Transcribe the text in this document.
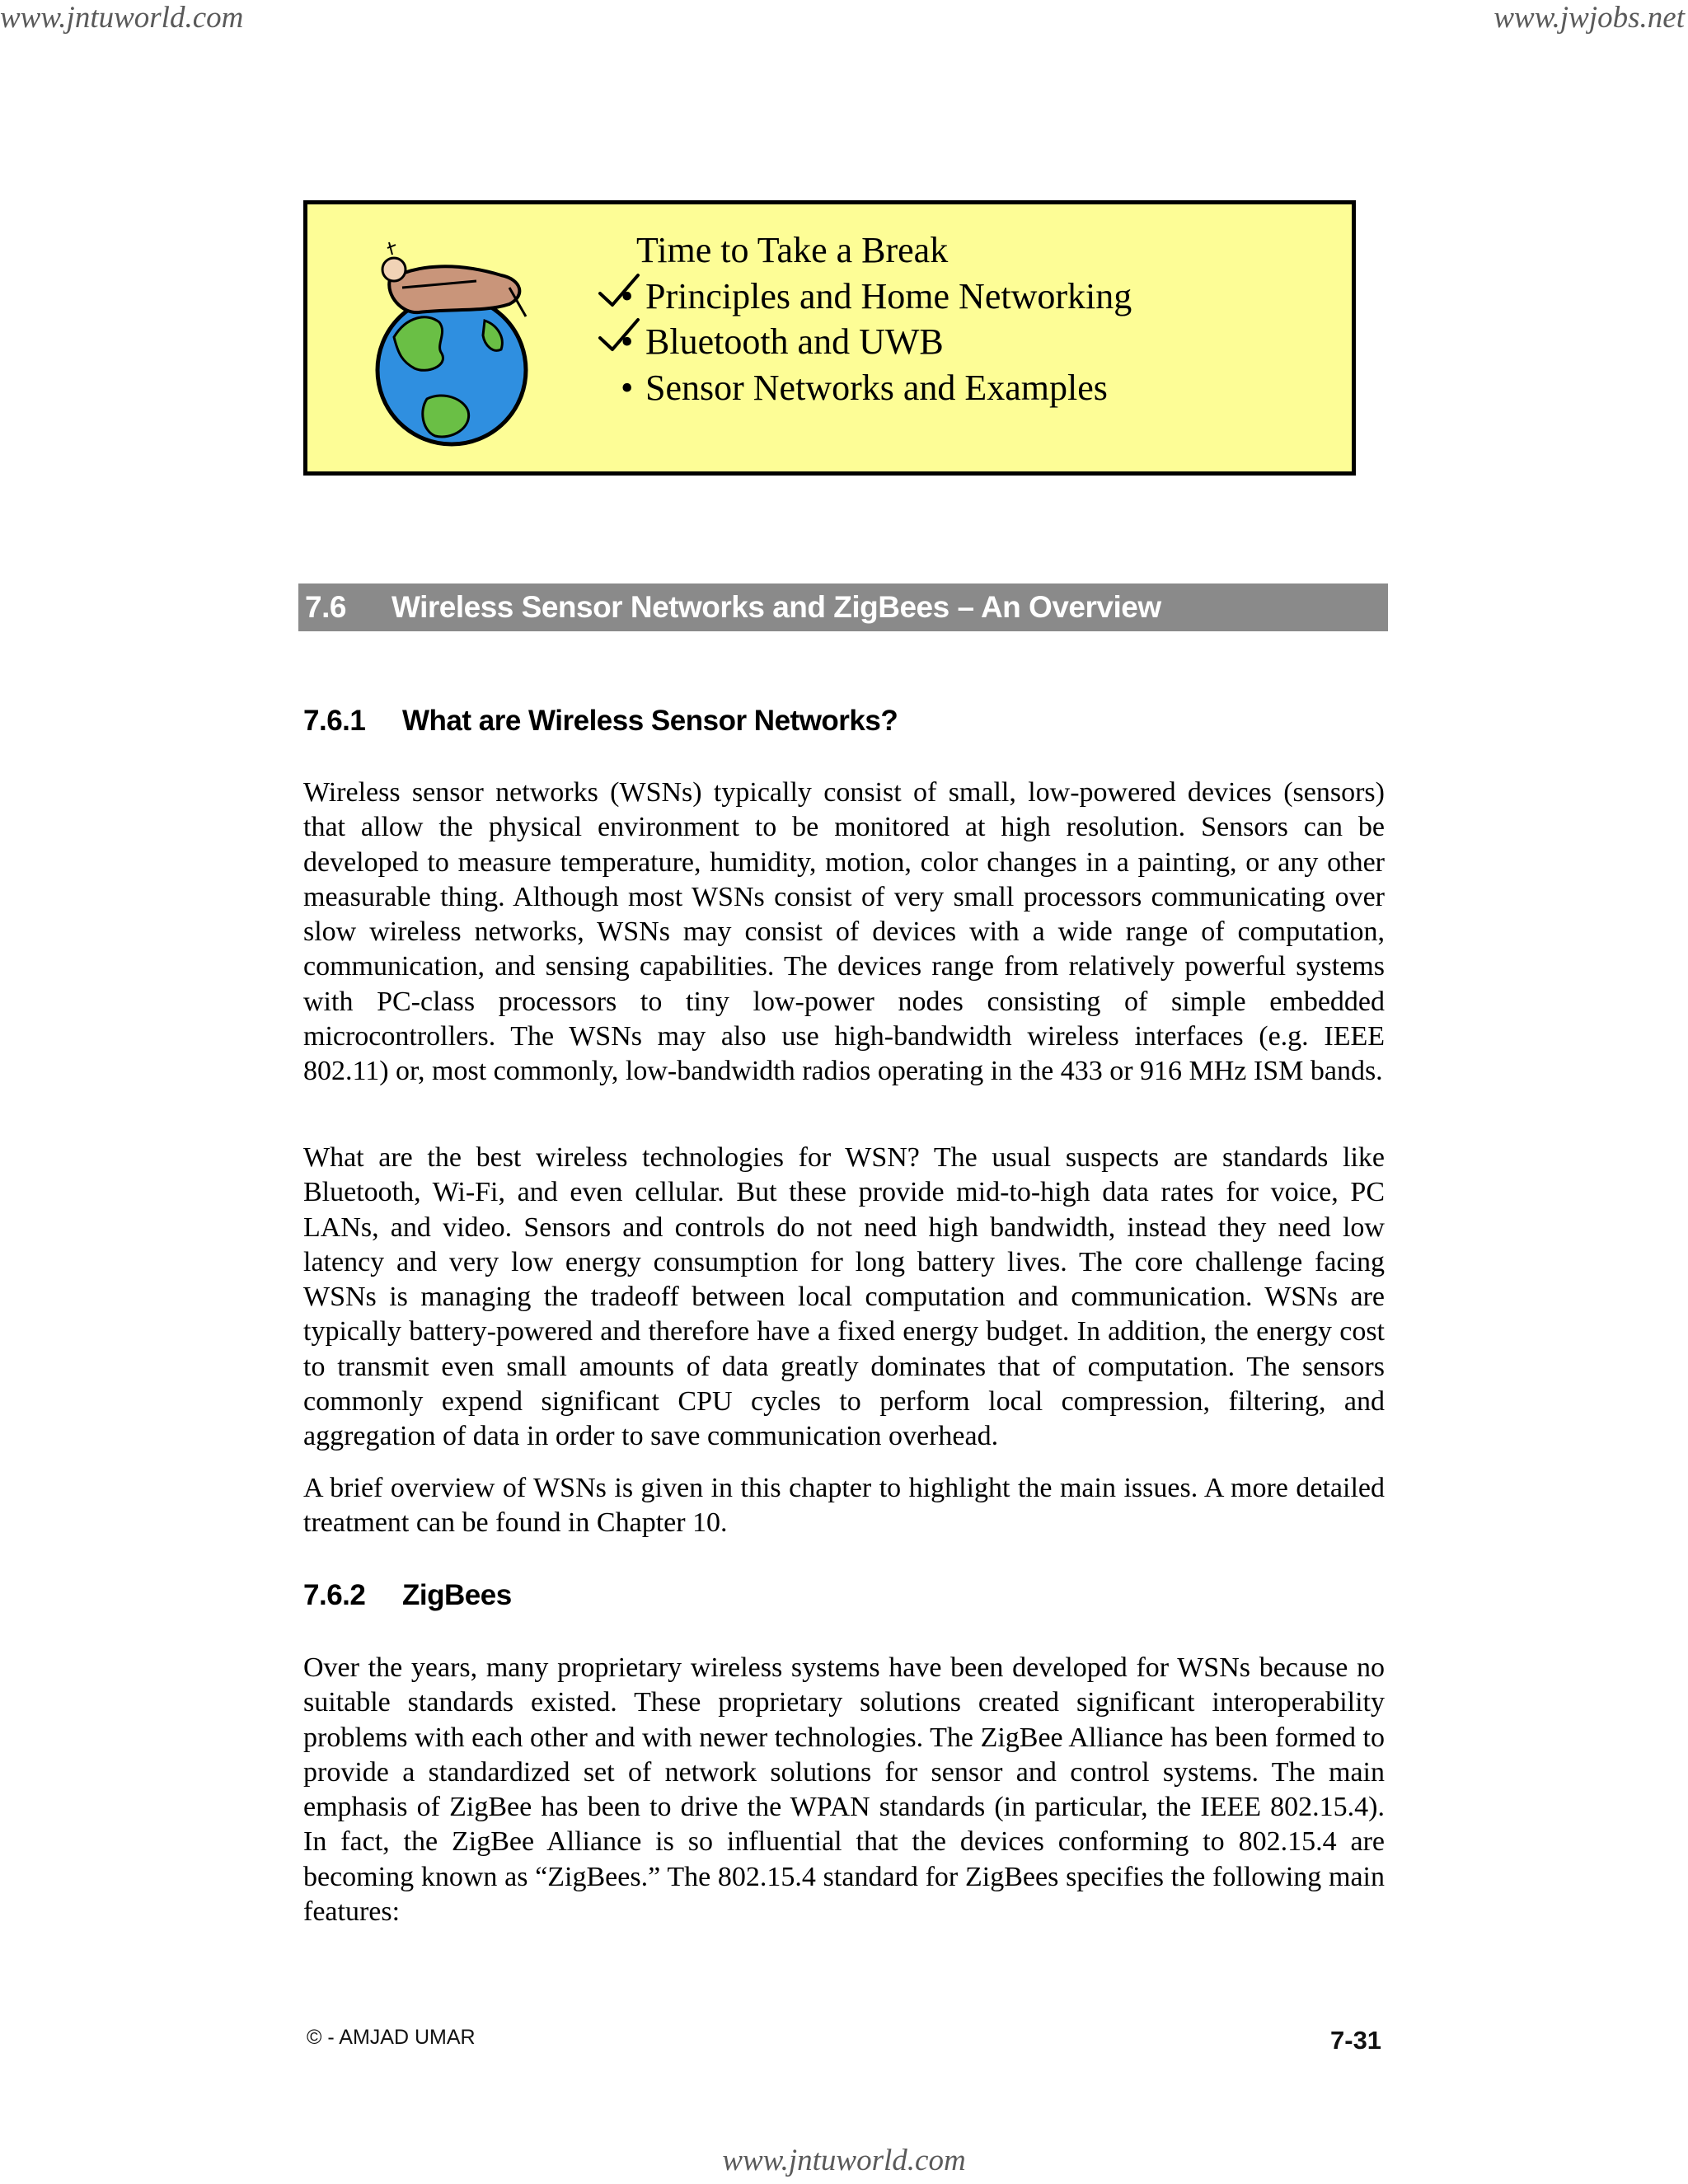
www.jntuworld.com	www.jwjobs.net
Time to Take a Break
• Principles and Home Networking
• Bluetooth and UWB
• Sensor Networks and Examples
7.6 Wireless Sensor Networks and ZigBees – An Overview
7.6.1 What are Wireless Sensor Networks?

Wireless sensor networks (WSNs) typically consist of small, low-powered devices (sensors) that allow the physical environment to be monitored at high resolution. Sensors can be developed to measure temperature, humidity, motion, color changes in a painting, or any other measurable thing. Although most WSNs consist of very small processors communicating over slow wireless networks, WSNs may consist of devices with a wide range of computation, communication, and sensing capabilities. The devices range from relatively powerful systems with PC-class processors to tiny low-power nodes consisting of simple embedded microcontrollers. The WSNs may also use high-bandwidth wireless interfaces (e.g. IEEE 802.11) or, most commonly, low-bandwidth radios operating in the 433 or 916 MHz ISM bands.

What are the best wireless technologies for WSN? The usual suspects are standards like Bluetooth, Wi-Fi, and even cellular. But these provide mid-to-high data rates for voice, PC LANs, and video. Sensors and controls do not need high bandwidth, instead they need low latency and very low energy consumption for long battery lives. The core challenge facing WSNs is managing the tradeoff between local computation and communication. WSNs are typically battery-powered and therefore have a fixed energy budget. In addition, the energy cost to transmit even small amounts of data greatly dominates that of computation. The sensors commonly expend significant CPU cycles to perform local compression, filtering, and aggregation of data in order to save communication overhead.

A brief overview of WSNs is given in this chapter to highlight the main issues. A more detailed treatment can be found in Chapter 10.

7.6.2 ZigBees

Over the years, many proprietary wireless systems have been developed for WSNs because no suitable standards existed. These proprietary solutions created significant interoperability problems with each other and with newer technologies. The ZigBee Alliance has been formed to provide a standardized set of network solutions for sensor and control systems. The main emphasis of ZigBee has been to drive the WPAN standards (in particular, the IEEE 802.15.4). In fact, the ZigBee Alliance is so influential that the devices conforming to 802.15.4 are becoming known as “ZigBees.” The 802.15.4 standard for ZigBees specifies the following main features:

© - AMJAD UMAR	7-31
www.jntuworld.com
